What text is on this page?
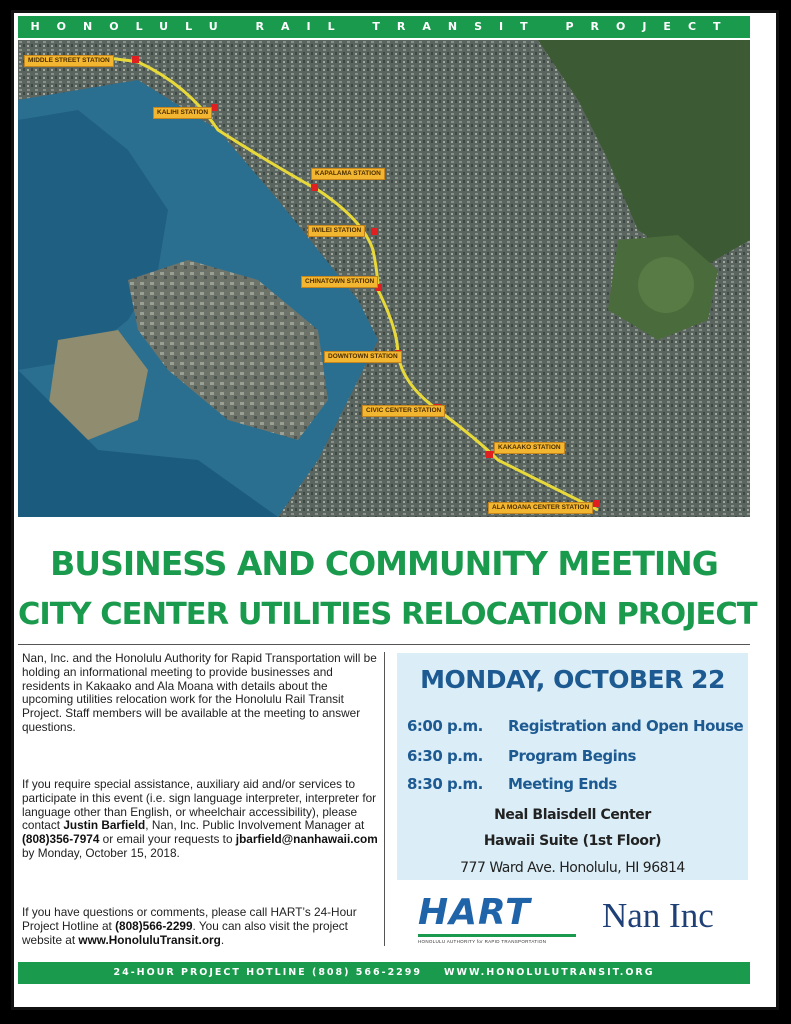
HONOLULU RAIL TRANSIT PROJECT
MIDDLE STREET STATION
KALIHI STATION
KAPALAMA STATION
IWILEI STATION
CHINATOWN STATION
DOWNTOWN STATION
CIVIC CENTER STATION
KAKAAKO STATION
ALA MOANA CENTER STATION
BUSINESS AND COMMUNITY MEETING
CITY CENTER UTILITIES RELOCATION PROJECT
Nan, Inc. and the Honolulu Authority for Rapid Transportation will be holding an informational meeting to provide businesses and residents in Kakaako and Ala Moana with details about the upcoming utilities relocation work for the Honolulu Rail Transit Project. Staff members will be available at the meeting to answer questions.
If you require special assistance, auxiliary aid and/or services to participate in this event (i.e. sign language interpreter, interpreter for language other than English, or wheelchair accessibility), please contact Justin Barfield, Nan, Inc. Public Involvement Manager at (808)356-7974 or email your requests to jbarfield@nanhawaii.com by Monday, October 15, 2018.
If you have questions or comments, please call HART’s 24-Hour Project Hotline at (808)566-2299. You can also visit the project website at www.HonoluluTransit.org.
MONDAY, OCTOBER 22
6:00 p.m. Registration and Open House
6:30 p.m. Program Begins
8:30 p.m. Meeting Ends
Neal Blaisdell Center
Hawaii Suite (1st Floor)
777 Ward Ave. Honolulu, HI 96814
HART
HONOLULU AUTHORITY for RAPID TRANSPORTATION
Nan Inc
24-HOUR PROJECT HOTLINE (808) 566-2299 WWW.HONOLULUTRANSIT.ORG
